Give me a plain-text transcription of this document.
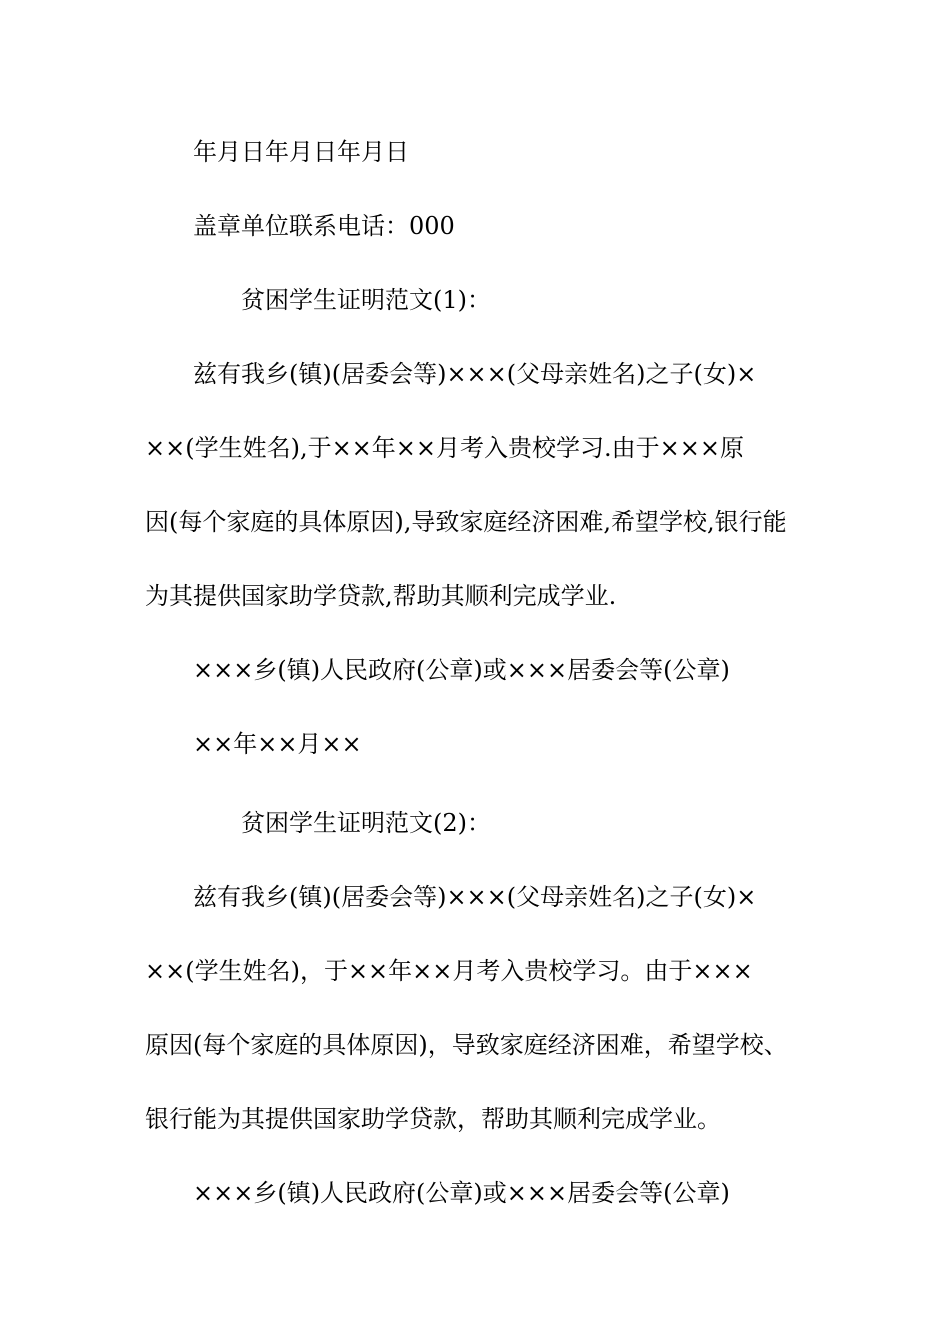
年月日年月日年月日
盖章单位联系电话：000
贫困学生证明范文(1)：
兹有我乡(镇)(居委会等)×××(父母亲姓名)之子(女)×
××(学生姓名),于××年××月考入贵校学习.由于×××原
因(每个家庭的具体原因),导致家庭经济困难,希望学校,银行能
为其提供国家助学贷款,帮助其顺利完成学业.
×××乡(镇)人民政府(公章)或×××居委会等(公章)
××年××月××
贫困学生证明范文(2)：
兹有我乡(镇)(居委会等)×××(父母亲姓名)之子(女)×
××(学生姓名)，于××年××月考入贵校学习。由于×××
原因(每个家庭的具体原因)，导致家庭经济困难，希望学校、
银行能为其提供国家助学贷款，帮助其顺利完成学业。
×××乡(镇)人民政府(公章)或×××居委会等(公章)
